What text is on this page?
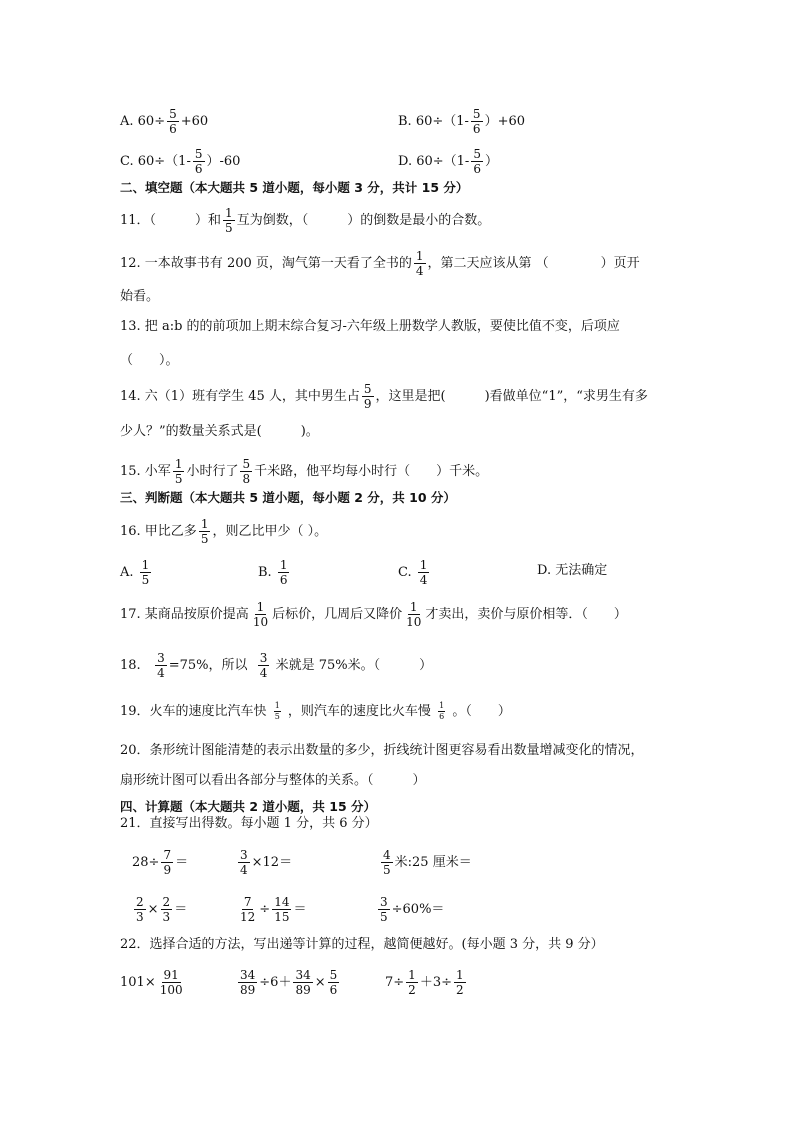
A. $60\div \frac{5}{6} +60$	B. $60\div(1- \frac{5}{6} )+60$
C. $60\div(1- \frac{5}{6} )-60$	D. $60\div(1- \frac{5}{6}$ ）
二、填空题（本大题共 5 道小题，每小题 3 分，共计 15 分）
11．（　　　）和 $\frac{1}{5}$ 互为倒数，（　　　）的倒数是最小的合数。
12. 一本故事书有 200 页，淘气第一天看了全书的 $\frac{1}{4}$ ，第二天应该从第 （　　　　）页开
始看。
13. 把 a:b 的的前项加上期末综合复习-六年级上册数学人教版，要使比值不变，后项应
（　　）。
14. 六（1）班有学生 45 人，其中男生占 $\frac{5}{9}$ ，这里是把(　　　)看做单位“1”，“求男生有多
少人？”的数量关系式是(　　　)。
15. 小军 $\frac{1}{5}$ 小时行了 $\frac{5}{8}$ 千米路，他平均每小时行（　　）千米。
三、判断题（本大题共 5 道小题，每小题 2 分，共 10 分）
16. 甲比乙多 $\frac{1}{5}$ ，则乙比甲少（ ）。
A. $\frac{1}{5}$	B. $\frac{1}{6}$	C. $\frac{1}{4}$	D. 无法确定
17. 某商品按原价提高 $\frac{1}{10}$ 后标价，几周后又降价 $\frac{1}{10}$ 才卖出，卖价与原价相等．（　　）
18. $\frac{3}{4} =75\%$，所以 $\frac{3}{4}$ 米就是 75%米。（　　　）
19．火车的速度比汽车快 $\frac{1}{5}$ ，则汽车的速度比火车慢 $\frac{1}{6}$ 。（　　）
20．条形统计图能清楚的表示出数量的多少，折线统计图更容易看出数量增减变化的情况，
扇形统计图可以看出各部分与整体的关系。（　　　）
四、计算题（本大题共 2 道小题，共 15 分）
21．直接写出得数。每小题 1 分，共 6 分）
$28\div \frac{7}{9}$ ＝	$\frac{3}{4} \times 12=$	$\frac{4}{5}$ 米:25 厘米＝
$\frac{2}{3} \times \frac{2}{3}$ ＝	$\frac{7}{12} \div \frac{14}{15}$ ＝	$\frac{3}{5} \div 60\%=$
22．选择合适的方法，写出递等计算的过程，越简便越好。(每小题 3 分，共 9 分）
$101\times \frac{91}{100}$	$\frac{34}{89} \div 6+ \frac{34}{89} \times \frac{5}{6}$	$7\div \frac{1}{2} +3\div \frac{1}{2}$
